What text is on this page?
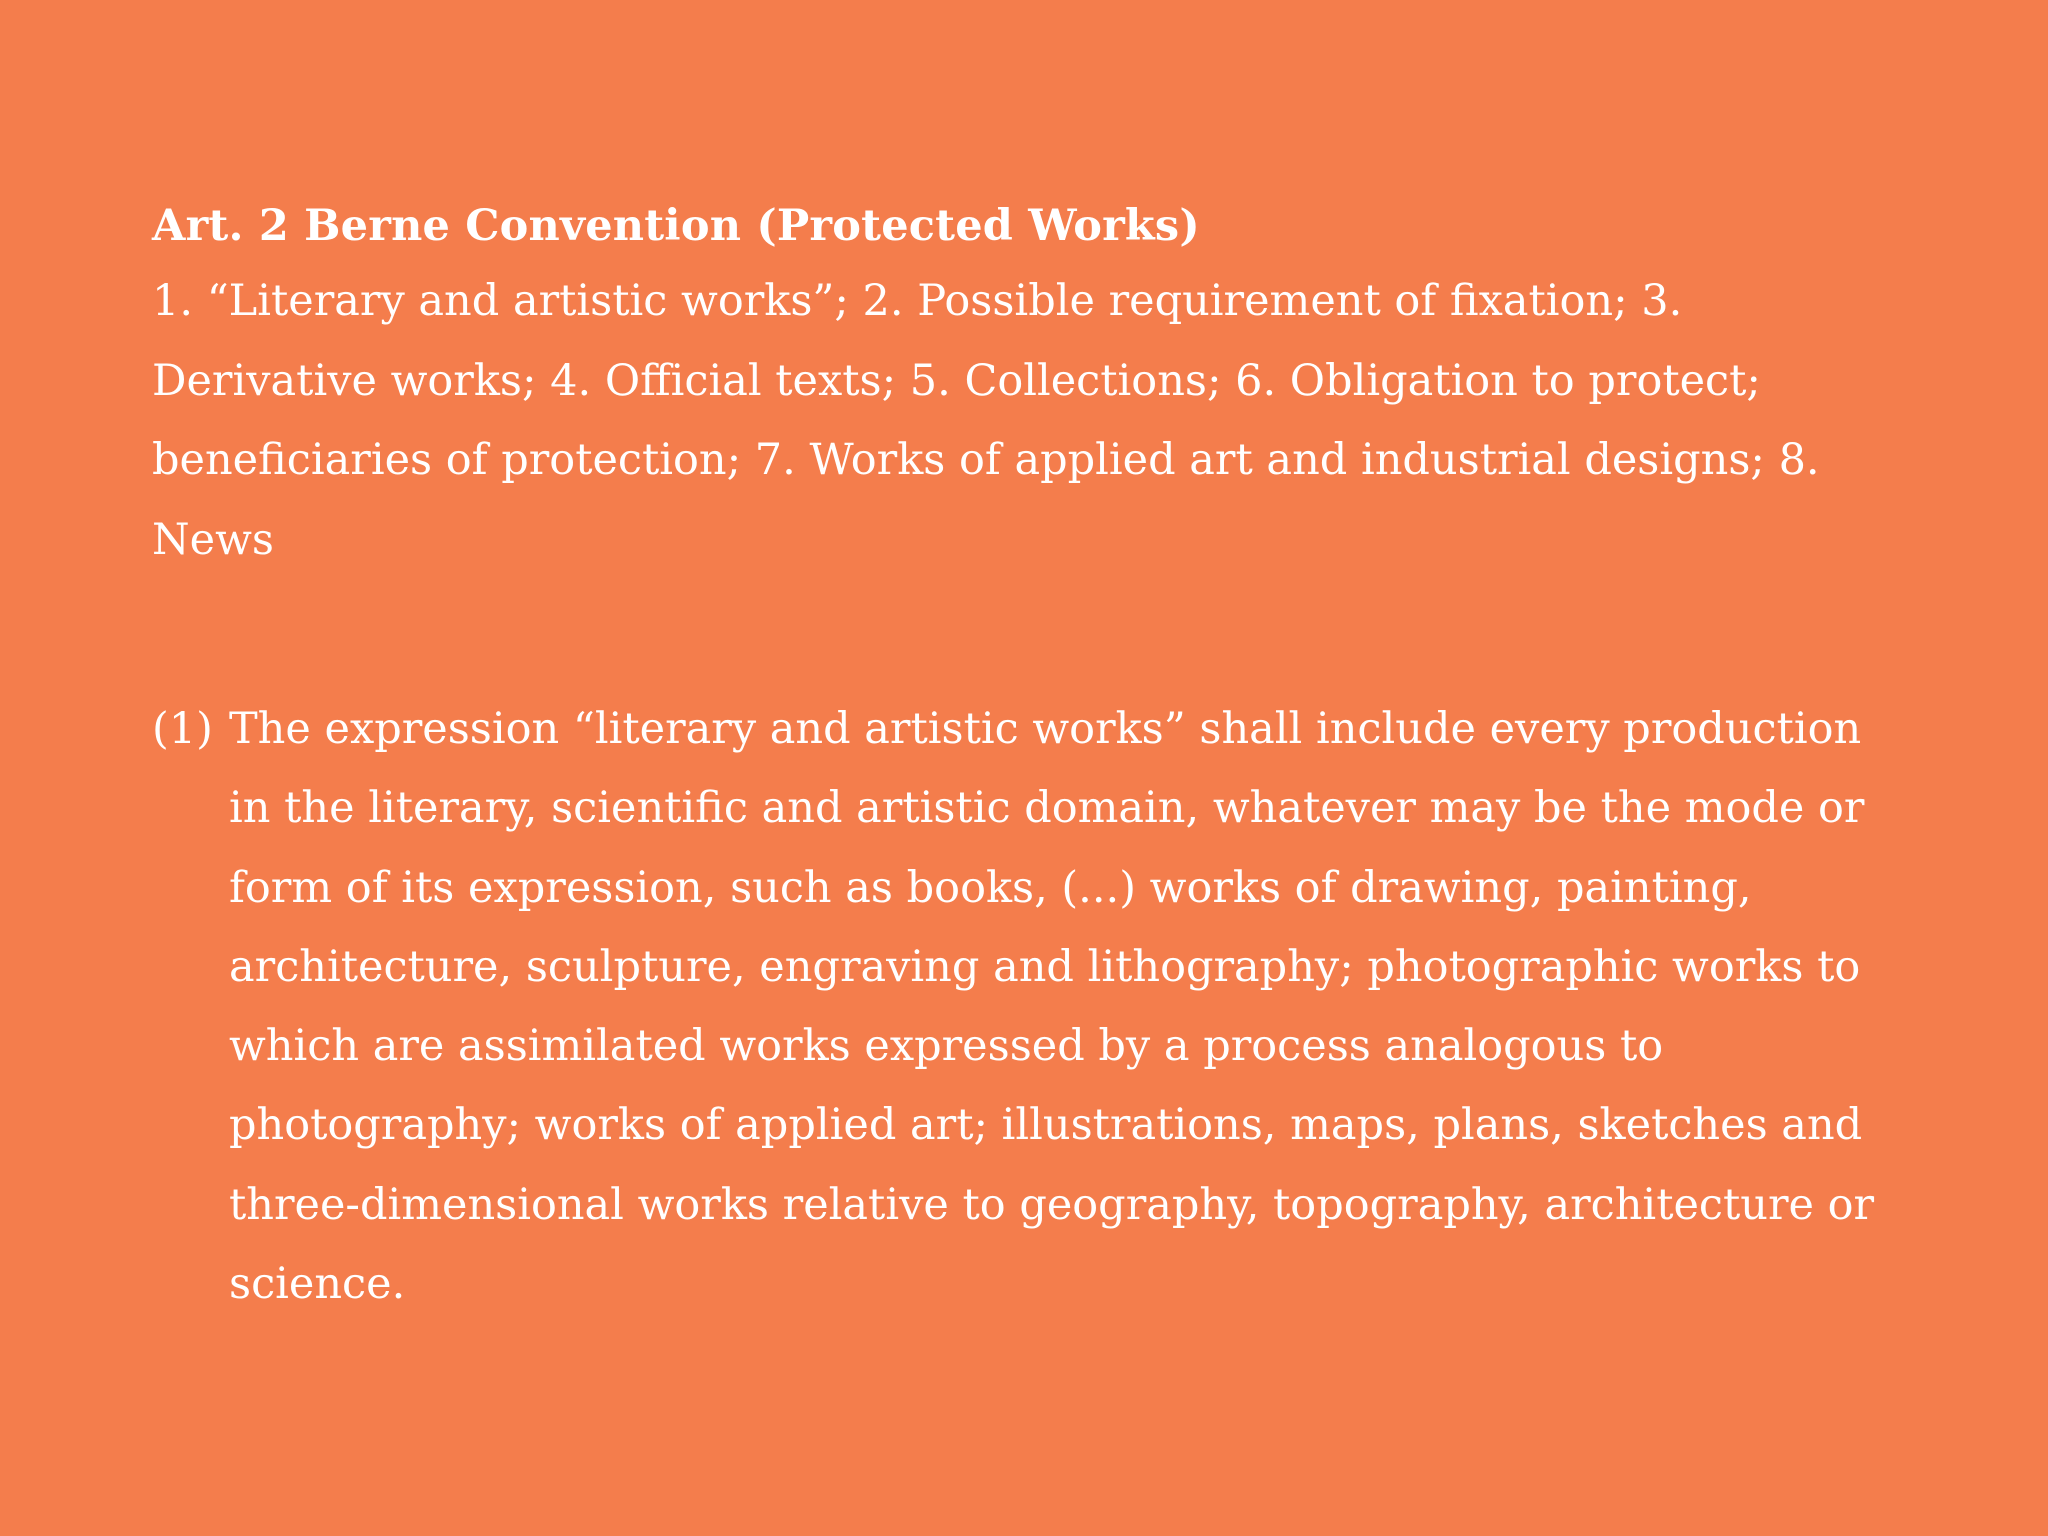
Art. 2 Berne Convention (Protected Works)

1. “Literary and artistic works”; 2. Possible requirement of fixation; 3. Derivative works; 4. Official texts; 5. Collections; 6. Obligation to protect; beneficiaries of protection; 7. Works of applied art and industrial designs; 8. News

(1) The expression “literary and artistic works” shall include every production in the literary, scientific and artistic domain, whatever may be the mode or form of its expression, such as books, (...) works of drawing, painting, architecture, sculpture, engraving and lithography; photographic works to which are assimilated works expressed by a process analogous to photography; works of applied art; illustrations, maps, plans, sketches and three-dimensional works relative to geography, topography, architecture or science.
